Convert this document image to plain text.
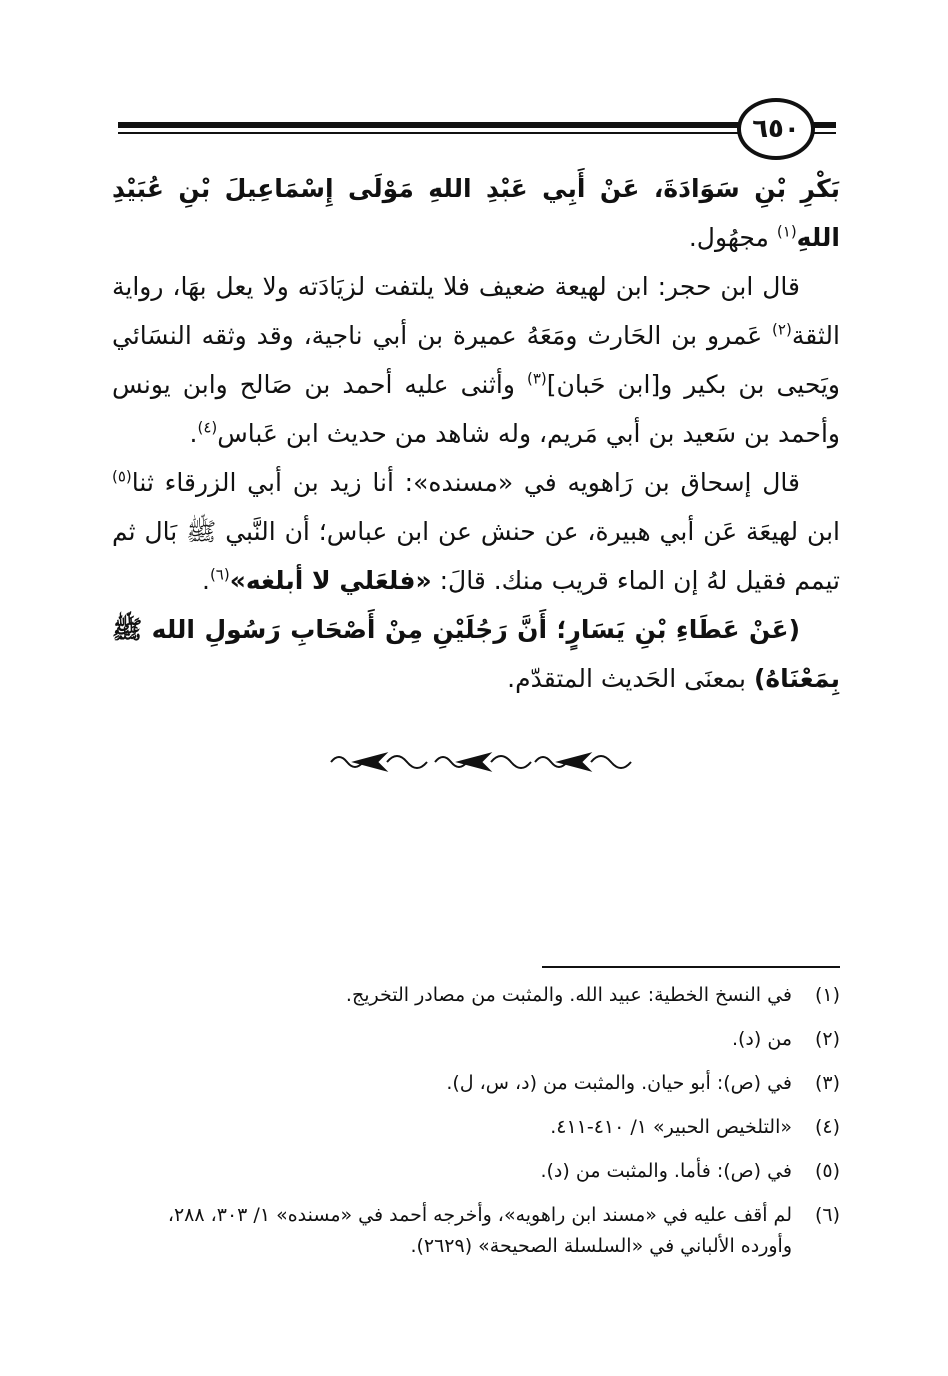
٦٥٠

بَكْرِ بْنِ سَوَادَةَ، عَنْ أَبِي عَبْدِ اللهِ مَوْلَى إِسْمَاعِيلَ بْنِ عُبَيْدِ اللهِ$^{(١)}$ مجهُول.

قال ابن حجر: ابن لهيعة ضعيف فلا يلتفت لزيَادَته ولا يعل بهَا، رواية الثقة$^{(٢)}$ عَمرو بن الحَارث ومَعَهُ عميرة بن أبي ناجية، وقد وثقه النسَائي ويَحيى بن بكير و[ابن حَبان]$^{(٣)}$ وأثنى عليه أحمد بن صَالح وابن يونس وأحمد بن سَعيد بن أبي مَريم، وله شاهد من حديث ابن عَباس$^{(٤)}$.

قال إسحاق بن رَاهويه في «مسنده»: أنا زيد بن أبي الزرقاء ثنا$^{(٥)}$ ابن لهيعَة عَن أبي هبيرة، عن حنش عن ابن عباس؛ أن النَّبي ﷺ بَال ثم تيمم فقيل لهُ إن الماء قريب منك. قالَ: «فلعَلي لا أبلغه»$^{(٦)}$.

(عَنْ عَطَاءِ بْنِ يَسَارٍ؛ أَنَّ رَجُلَيْنِ مِنْ أَصْحَابِ رَسُولِ الله ﷺ بِمَعْنَاهُ) بمعنَى الحَديث المتقدّم.

(١)
في النسخ الخطية: عبيد الله. والمثبت من مصادر التخريج.
(٢)
من (د).
(٣)
في (ص): أبو حيان. والمثبت من (د، س، ل).
(٤)
«التلخيص الحبير» ١/ ٤١٠-٤١١.
(٥)
في (ص): فأما. والمثبت من (د).
(٦)
لم أقف عليه في «مسند ابن راهويه»، وأخرجه أحمد في «مسنده» ١/ ٣٠٣، ٢٨٨، وأورده الألباني في «السلسلة الصحيحة» (٢٦٢٩).
